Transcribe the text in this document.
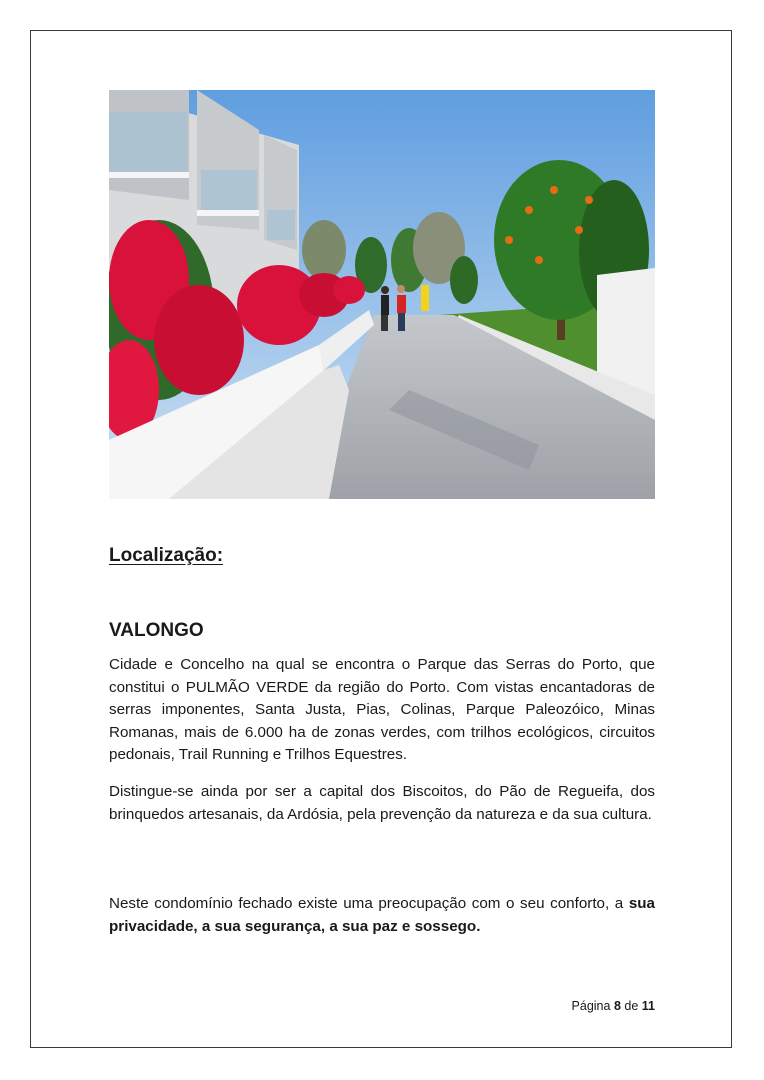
Localização:
VALONGO

Cidade e Concelho na qual se encontra o Parque das Serras do Porto, que constitui o PULMÃO VERDE da região do Porto. Com vistas encantadoras de serras imponentes, Santa Justa, Pias, Colinas, Parque Paleozóico, Minas Romanas, mais de 6.000 ha de zonas verdes, com trilhos ecológicos, circuitos pedonais, Trail Running e Trilhos Equestres.

Distingue-se ainda por ser a capital dos Biscoitos, do Pão de Regueifa, dos brinquedos artesanais, da Ardósia, pela prevenção da natureza e da sua cultura.

Neste condomínio fechado existe uma preocupação com o seu conforto, a sua privacidade, a sua segurança, a sua paz e sossego.

Página 8 de 11
